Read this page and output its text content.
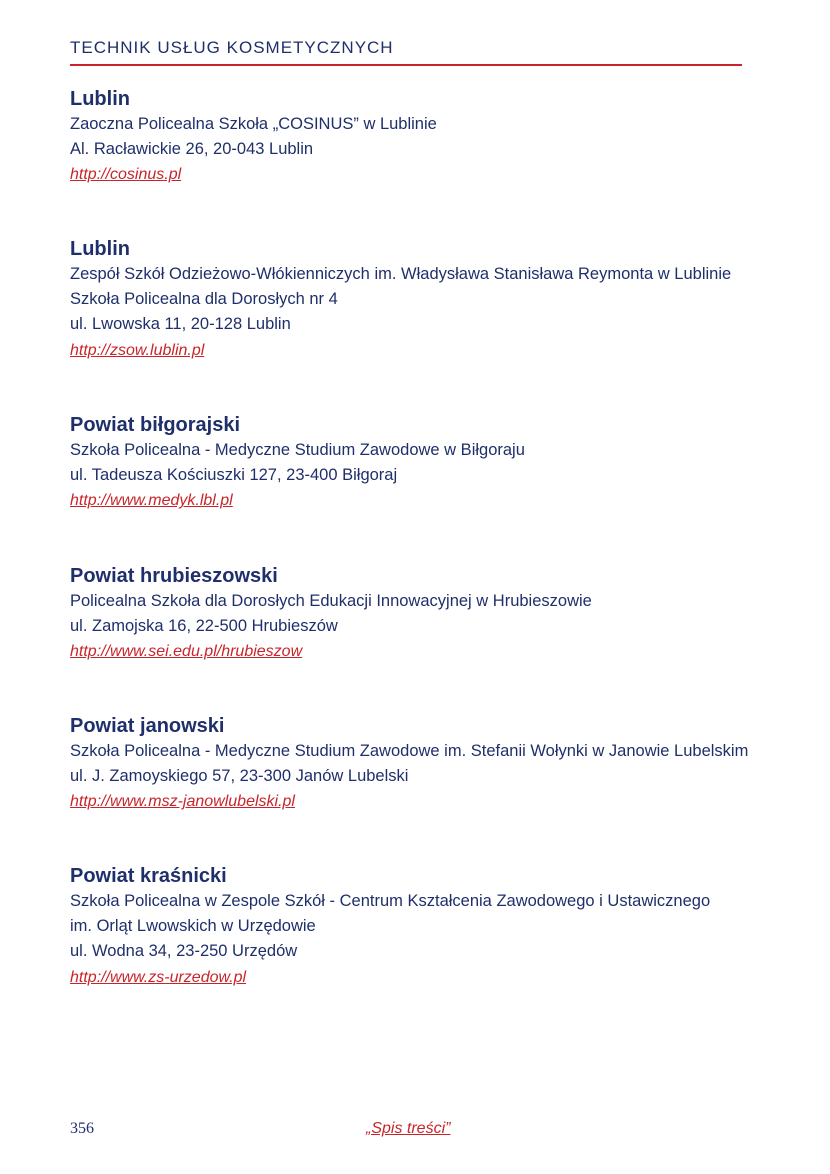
TECHNIK USŁUG KOSMETYCZNYCH
Lublin
Zaoczna Policealna Szkoła „COSINUS” w Lublinie
Al. Racławickie 26, 20-043 Lublin
http://cosinus.pl
Lublin
Zespół Szkół Odzieżowo-Włókienniczych im. Władysława Stanisława Reymonta w Lublinie
Szkoła Policealna dla Dorosłych nr 4
ul. Lwowska 11, 20-128 Lublin
http://zsow.lublin.pl
Powiat biłgorajski
Szkoła Policealna - Medyczne Studium Zawodowe w Biłgoraju
ul. Tadeusza Kościuszki 127, 23-400 Biłgoraj
http://www.medyk.lbl.pl
Powiat hrubieszowski
Policealna Szkoła dla Dorosłych Edukacji Innowacyjnej w Hrubieszowie
ul. Zamojska 16, 22-500 Hrubieszów
http://www.sei.edu.pl/hrubieszow
Powiat janowski
Szkoła Policealna - Medyczne Studium Zawodowe im. Stefanii Wołynki w Janowie Lubelskim
ul. J. Zamoyskiego 57, 23-300 Janów Lubelski
http://www.msz-janowlubelski.pl
Powiat kraśnicki
Szkoła Policealna w Zespole Szkół - Centrum Kształcenia Zawodowego i Ustawicznego
im. Orląt Lwowskich w Urzędowie
ul. Wodna 34, 23-250 Urzędów
http://www.zs-urzedow.pl
356	„Spis treści”
